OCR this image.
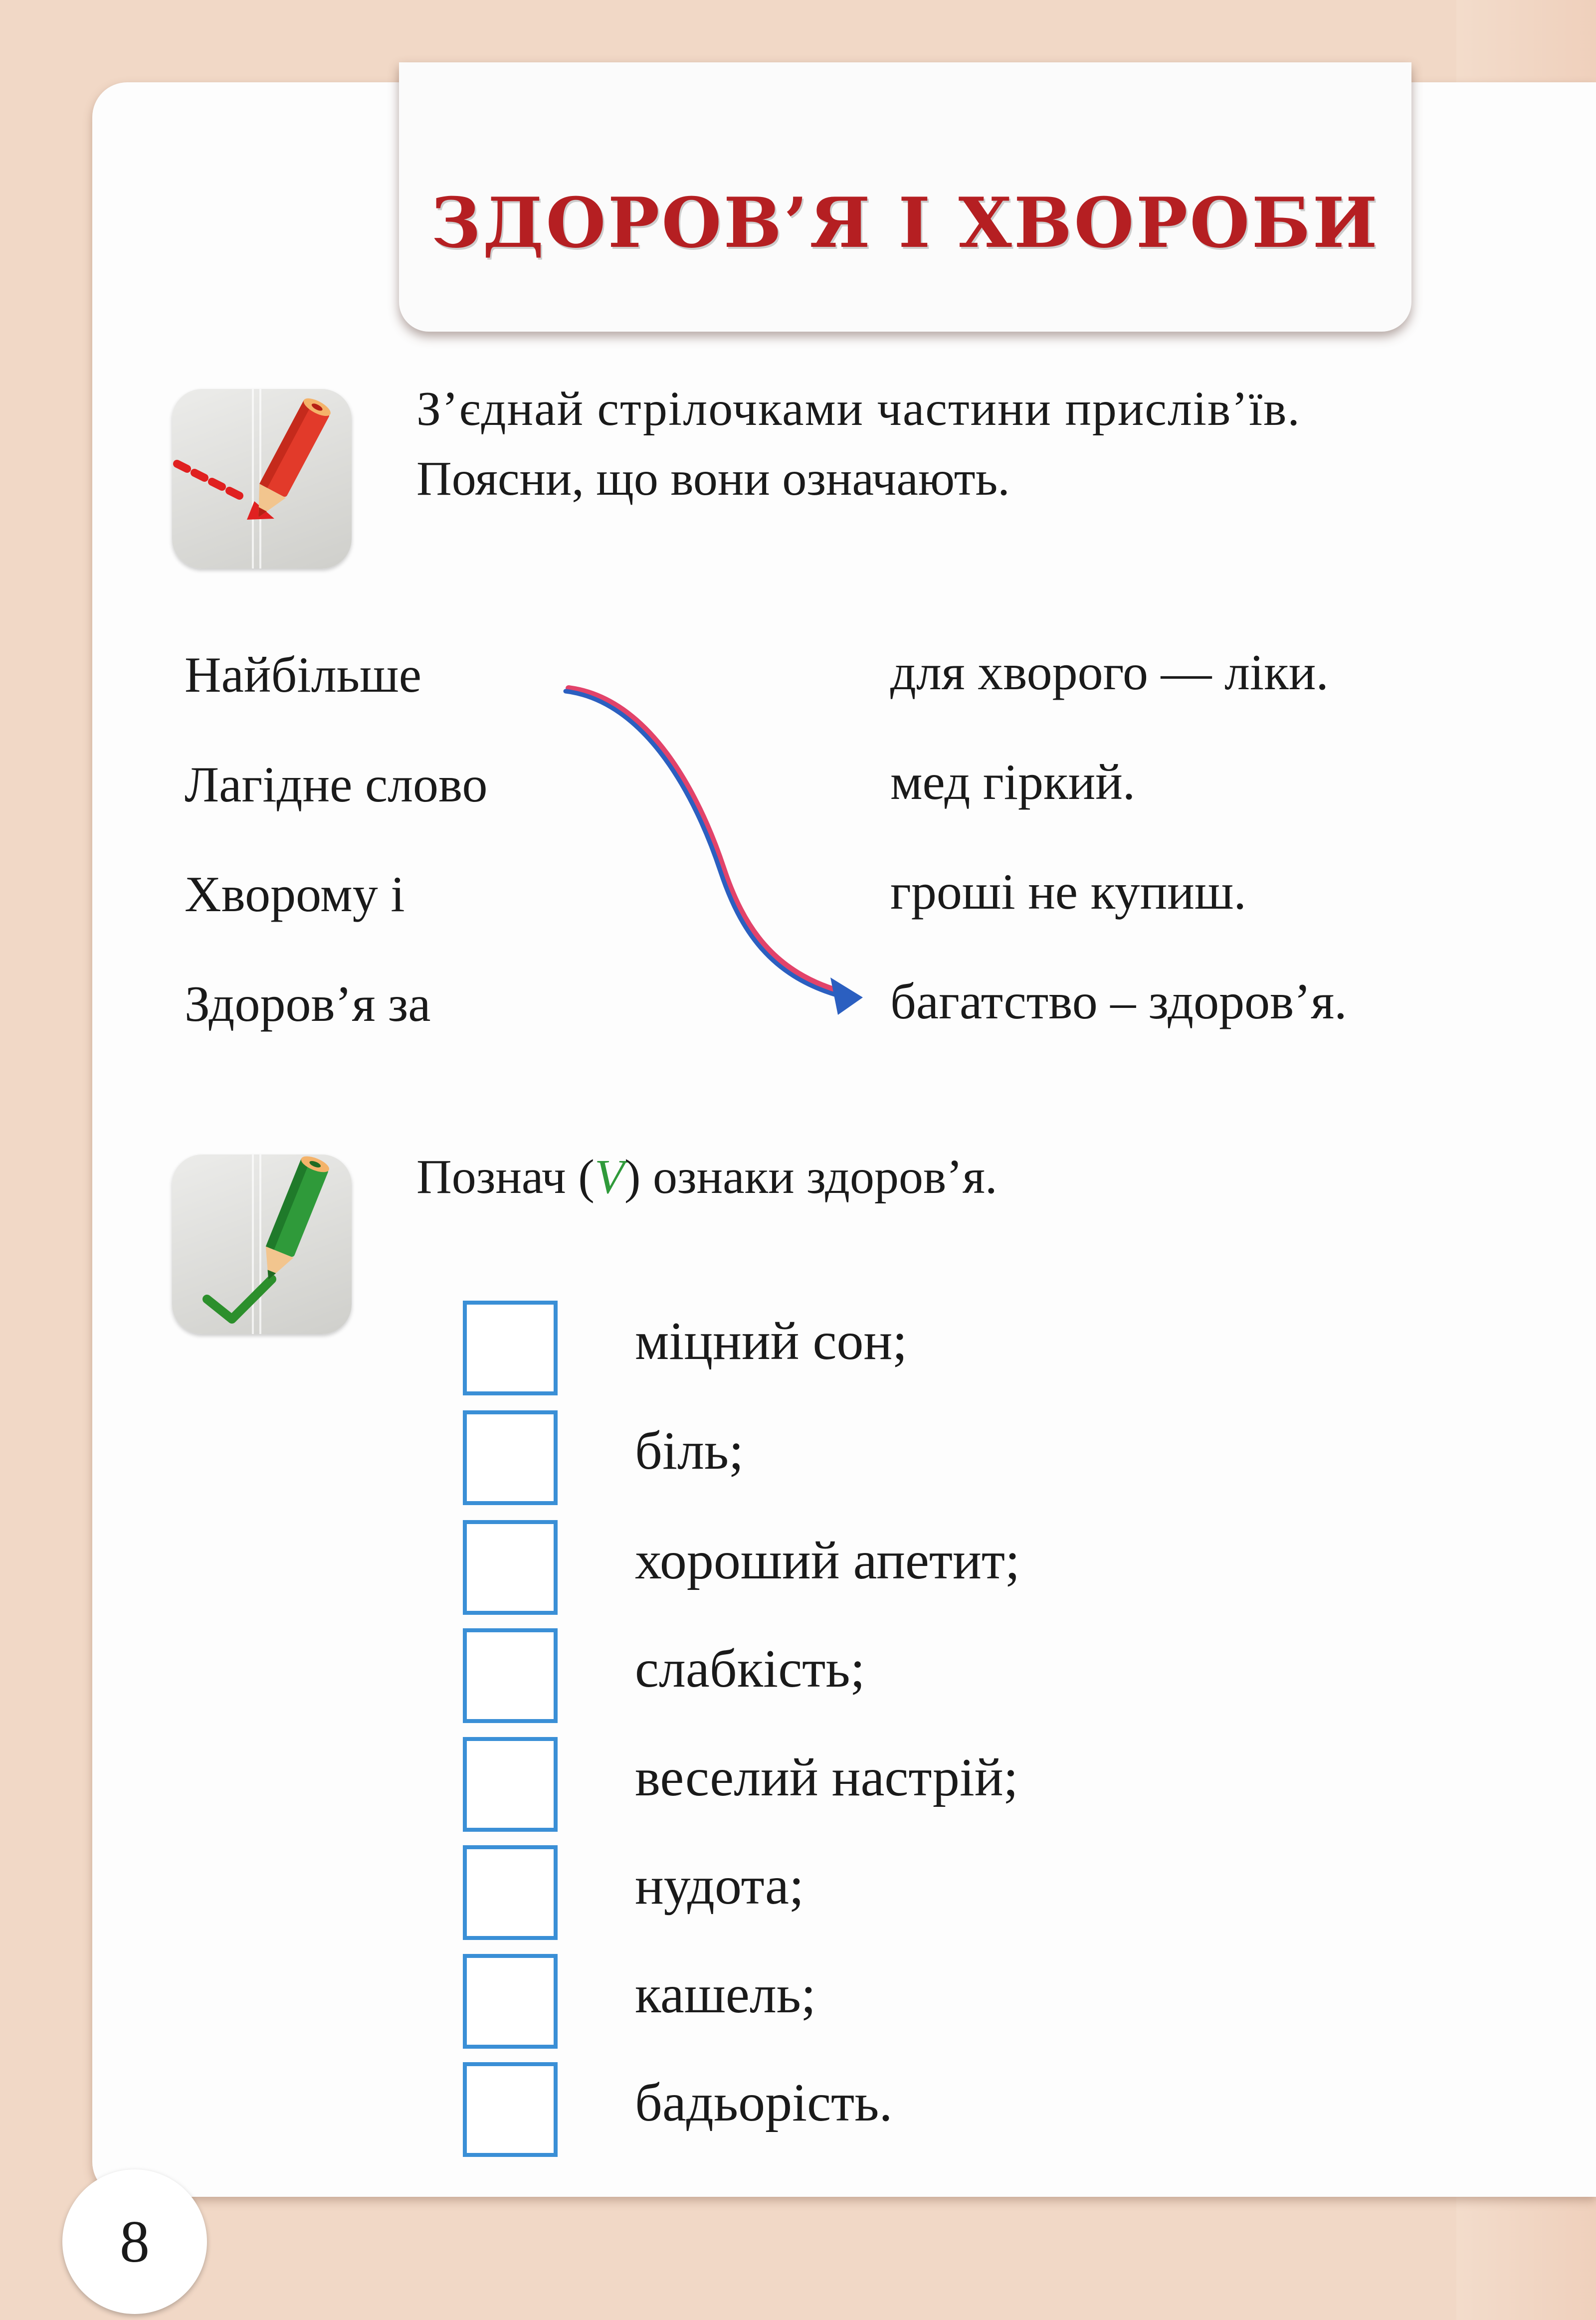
ЗДОРОВ’Я І ХВОРОБИ
З’єднай стрілочками частини прислів’їв.
Поясни, що вони означають.
Найбільше
Лагідне слово
Хворому і
Здоров’я за
для хворого — ліки.
мед гіркий.
гроші не купиш.
багатство – здоров’я.
Познач (V) ознаки здоров’я.
міцний сон;
біль;
хороший апетит;
слабкість;
веселий настрій;
нудота;
кашель;
бадьорість.
8
